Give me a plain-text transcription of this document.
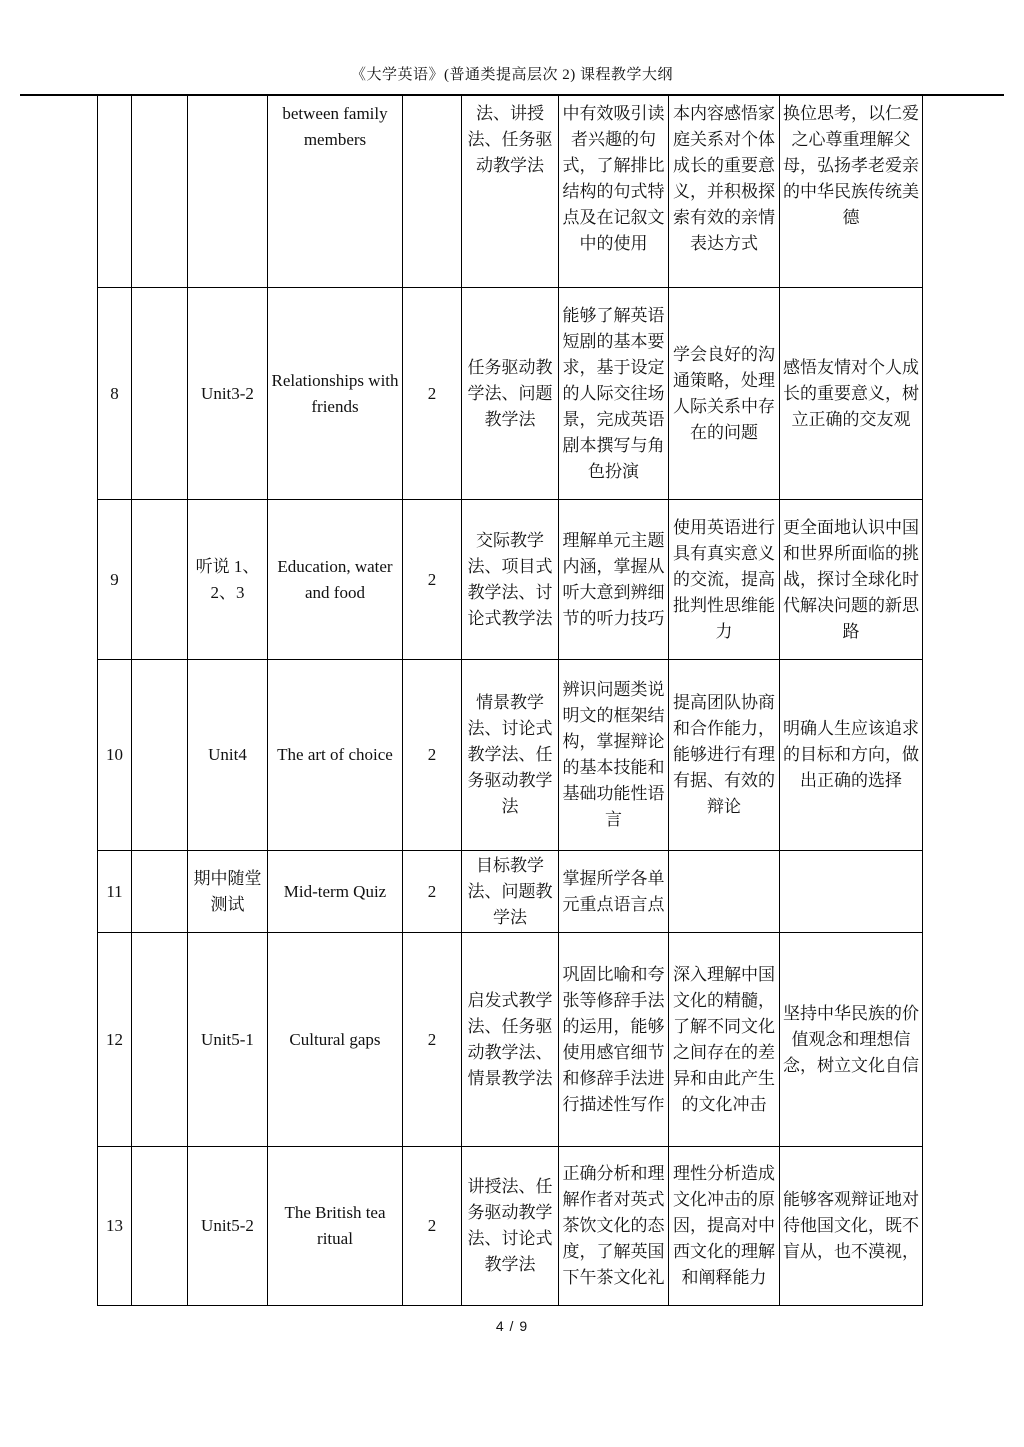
《大学英语》(普通类提高层次 2) 课程教学大纲
			between family members		法、讲授法、任务驱动教学法	中有效吸引读者兴趣的句式，了解排比结构的句式特点及在记叙文中的使用	本内容感悟家庭关系对个体成长的重要意义，并积极探索有效的亲情表达方式	换位思考，以仁爱之心尊重理解父母，弘扬孝老爱亲的中华民族传统美德
8		Unit3-2	Relationships with friends	2	任务驱动教学法、问题教学法	能够了解英语短剧的基本要求，基于设定的人际交往场景，完成英语剧本撰写与角色扮演	学会良好的沟通策略，处理人际关系中存在的问题	感悟友情对个人成长的重要意义，树立正确的交友观
9		听说 1、2、3	Education, water and food	2	交际教学法、项目式教学法、讨论式教学法	理解单元主题内涵，掌握从听大意到辨细节的听力技巧	使用英语进行具有真实意义的交流，提高批判性思维能力	更全面地认识中国和世界所面临的挑战，探讨全球化时代解决问题的新思路
10		Unit4	The art of choice	2	情景教学法、讨论式教学法、任务驱动教学法	辨识问题类说明文的框架结构，掌握辩论的基本技能和基础功能性语言	提高团队协商和合作能力，能够进行有理有据、有效的辩论	明确人生应该追求的目标和方向，做出正确的选择
11		期中随堂测试	Mid-term Quiz	2	目标教学法、问题教学法	掌握所学各单元重点语言点		
12		Unit5-1	Cultural gaps	2	启发式教学法、任务驱动教学法、情景教学法	巩固比喻和夸张等修辞手法的运用，能够使用感官细节和修辞手法进行描述性写作	深入理解中国文化的精髓，了解不同文化之间存在的差异和由此产生的文化冲击	坚持中华民族的价值观念和理想信念，树立文化自信
13		Unit5-2	The British tea ritual	2	讲授法、任务驱动教学法、讨论式教学法	正确分析和理解作者对英式茶饮文化的态度，了解英国下午茶文化礼	理性分析造成文化冲击的原因，提高对中西文化的理解和阐释能力	能够客观辩证地对待他国文化，既不盲从，也不漠视，
4 / 9
